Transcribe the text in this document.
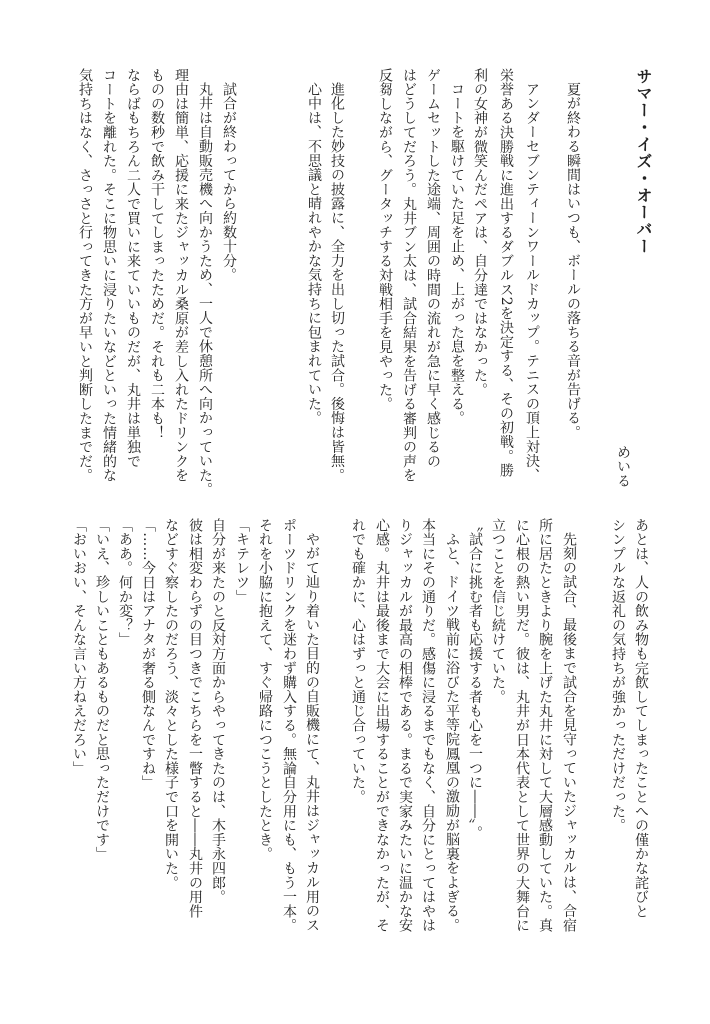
サマー・イズ・オーバー
めいる
夏が終わる瞬間はいつも、ボールの落ちる音が告げる。
アンダーセブンティーンワールドカップ。テニスの頂上対決、
栄誉ある決勝戦に進出するダブルス2を決定する、その初戦。勝
利の女神が微笑んだペアは、自分達ではなかった。
コートを駆けていた足を止め、上がった息を整える。
ゲームセットした途端、周囲の時間の流れが急に早く感じるの
はどうしてだろう。丸井ブン太は、試合結果を告げる審判の声を
反芻しながら、グータッチする対戦相手を見やった。
進化した妙技の披露に、全力を出し切った試合。後悔は皆無。
心中は、不思議と晴れやかな気持ちに包まれていた。
試合が終わってから約数十分。
丸井は自動販売機へ向かうため、一人で休憩所へ向かっていた。
理由は簡単、応援に来たジャッカル桑原が差し入れたドリンクを
ものの数秒で飲み干してしまったためだ。それも二本も！
ならばもちろん二人で買いに来ていいものだが、丸井は単独で
コートを離れた。そこに物思いに浸りたいなどといった情緒的な
気持ちはなく、さっさと行ってきた方が早いと判断したまでだ。
あとは、人の飲み物も完飲してしまったことへの僅かな詫びと
シンプルな返礼の気持ちが強かっただけだった。
先刻の試合、最後まで試合を見守っていたジャッカルは、合宿
所に居たときより腕を上げた丸井に対して大層感動していた。真
に心根の熱い男だ。彼は、丸井が日本代表として世界の大舞台に
立つことを信じ続けていた。
〝試合に挑む者も応援する者も心を一つに――〟。
ふと、ドイツ戦前に浴びた平等院鳳凰の激励が脳裏をよぎる。
本当にその通りだ。感傷に浸るまでもなく、自分にとってはやは
りジャッカルが最高の相棒である。まるで実家みたいに温かな安
心感。丸井は最後まで大会に出場することができなかったが、そ
れでも確かに、心はずっと通じ合っていた。
やがて辿り着いた目的の自販機にて、丸井はジャッカル用のス
ポーツドリンクを迷わず購入する。無論自分用にも、もう一本。
それを小脇に抱えて、すぐ帰路につこうとしたとき。
「キテレツ」
自分が来たのと反対方面からやってきたのは、木手永四郎。
彼は相変わらずの目つきでこちらを一瞥すると――丸井の用件
などすぐ察したのだろう、淡々とした様子で口を開いた。
「……今日はアナタが奢る側なんですね」
「ああ。何か変？」
「いえ、珍しいこともあるものだと思っただけです」
「おいおい、そんな言い方ねえだろい」
